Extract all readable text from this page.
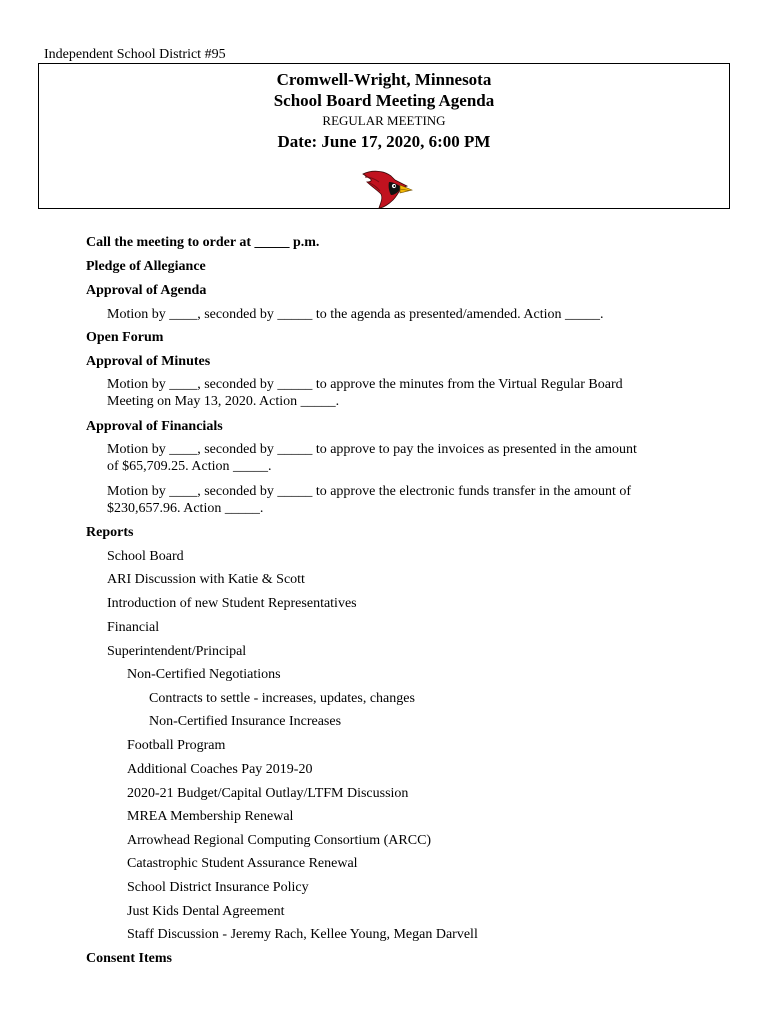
Independent School District #95
Cromwell-Wright, Minnesota
School Board Meeting Agenda
REGULAR MEETING
Date: June 17, 2020, 6:00 PM
Call the meeting to order at _____ p.m.
Pledge of Allegiance
Approval of Agenda
Motion by ____, seconded by _____ to the agenda as presented/amended. Action _____.
Open Forum
Approval of Minutes
Motion by ____, seconded by _____ to approve the minutes from the Virtual Regular Board
Meeting on May 13, 2020. Action _____.
Approval of Financials
Motion by ____, seconded by _____ to approve to pay the invoices as presented in the amount
of $65,709.25. Action _____.
Motion by ____, seconded by _____ to approve the electronic funds transfer in the amount of
$230,657.96. Action _____.
Reports
School Board
ARI Discussion with Katie & Scott
Introduction of new Student Representatives
Financial
Superintendent/Principal
Non-Certified Negotiations
Contracts to settle - increases, updates, changes
Non-Certified Insurance Increases
Football Program
Additional Coaches Pay 2019-20
2020-21 Budget/Capital Outlay/LTFM Discussion
MREA Membership Renewal
Arrowhead Regional Computing Consortium (ARCC)
Catastrophic Student Assurance Renewal
School District Insurance Policy
Just Kids Dental Agreement
Staff Discussion - Jeremy Rach, Kellee Young, Megan Darvell
Consent Items
